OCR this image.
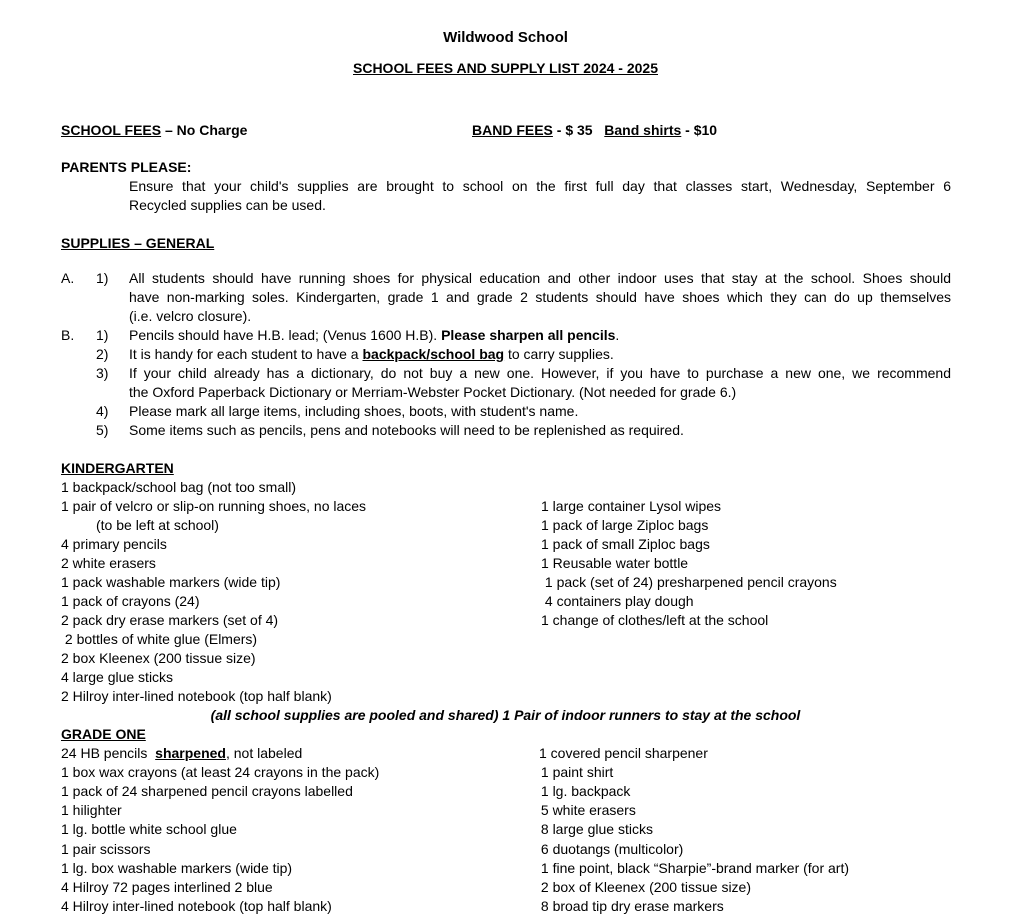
Wildwood School
SCHOOL FEES AND SUPPLY LIST 2024 - 2025
SCHOOL FEES – No Charge	BAND FEES - $ 35 Band shirts - $10
PARENTS PLEASE:
Ensure that your child's supplies are brought to school on the first full day that classes start, Wednesday, September 6
Recycled supplies can be used.
SUPPLIES – GENERAL
A. 1) All students should have running shoes for physical education and other indoor uses that stay at the school. Shoes should
have non-marking soles. Kindergarten, grade 1 and grade 2 students should have shoes which they can do up themselves
(i.e. velcro closure).
B. 1) Pencils should have H.B. lead; (Venus 1600 H.B). Please sharpen all pencils.
2) It is handy for each student to have a backpack/school bag to carry supplies.
3) If your child already has a dictionary, do not buy a new one. However, if you have to purchase a new one, we recommend
the Oxford Paperback Dictionary or Merriam-Webster Pocket Dictionary. (Not needed for grade 6.)
4) Please mark all large items, including shoes, boots, with student's name.
5) Some items such as pencils, pens and notebooks will need to be replenished as required.
KINDERGARTEN
1 backpack/school bag (not too small)
1 pair of velcro or slip-on running shoes, no laces
(to be left at school)
4 primary pencils
2 white erasers
1 pack washable markers (wide tip)
1 pack of crayons (24)
2 pack dry erase markers (set of 4)
2 bottles of white glue (Elmers)
2 box Kleenex (200 tissue size)
4 large glue sticks
2 Hilroy inter-lined notebook (top half blank)
1 large container Lysol wipes
1 pack of large Ziploc bags
1 pack of small Ziploc bags
1 Reusable water bottle
1 pack (set of 24) presharpened pencil crayons
4 containers play dough
1 change of clothes/left at the school
(all school supplies are pooled and shared) 1 Pair of indoor runners to stay at the school
GRADE ONE
24 HB pencils  sharpened, not labeled
1 box wax crayons (at least 24 crayons in the pack)
1 pack of 24 sharpened pencil crayons labelled
1 hilighter
1 lg. bottle white school glue
1 pair scissors
1 lg. box washable markers (wide tip)
4 Hilroy 72 pages interlined 2 blue
4 Hilroy inter-lined notebook (top half blank)
1 covered pencil sharpener
1 paint shirt
1 lg. backpack
5 white erasers
8 large glue sticks
6 duotangs (multicolor)
1 fine point, black “Sharpie”-brand marker (for art)
2 box of Kleenex (200 tissue size)
8 broad tip dry erase markers
